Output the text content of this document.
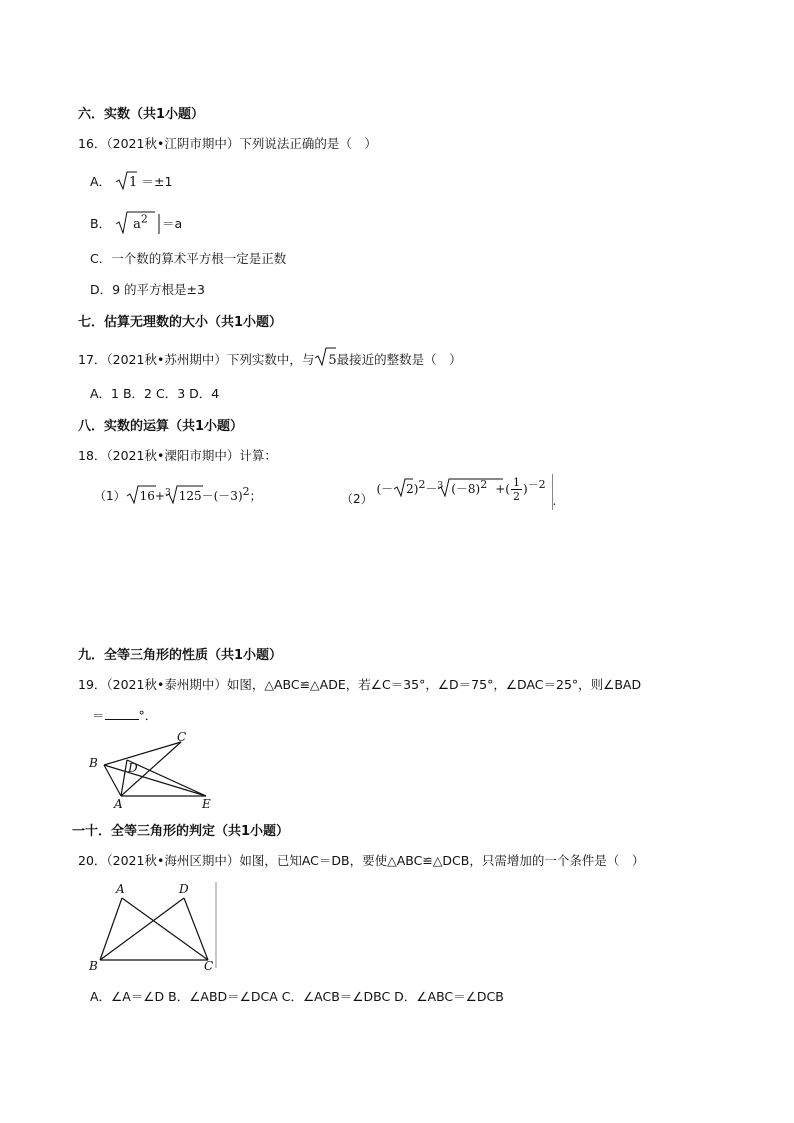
六．实数（共1小题）
16．（2021秋•江阴市期中）下列说法正确的是（　）
A． 1 ＝±1
B． $a^2 =a$
C．一个数的算术平方根一定是正数
D．9 的平方根是±3
七．估算无理数的大小（共1小题）
17．（2021秋•苏州期中）下列实数中，与 5最接近的整数是（　）
A．1 B．2 C．3 D．4
八．实数的运算（共1小题）
18．（2021秋•溧阳市期中）计算：
（1） 16+$^3$ $125-(-3)^2$；	（2） (－ 2)$^2$－$^3$ $(-8)^2$ +( $\frac{1}{2} )^{-2}$ .
九．全等三角形的性质（共1小题）
19．（2021秋•泰州期中）如图，△ABC≌△ADE，若∠C＝35°，∠D＝75°，∠DAC＝25°，则∠BAD
＝	°．
B
C
D
A	E
一十．全等三角形的判定（共1小题）
20．（2021秋•海州区期中）如图，已知AC＝DB，要使△ABC≌△DCB，只需增加的一个条件是（　）
A	D
B	C
A．∠A＝∠D B．∠ABD＝∠DCA C．∠ACB＝∠DBC D．∠ABC＝∠DCB
